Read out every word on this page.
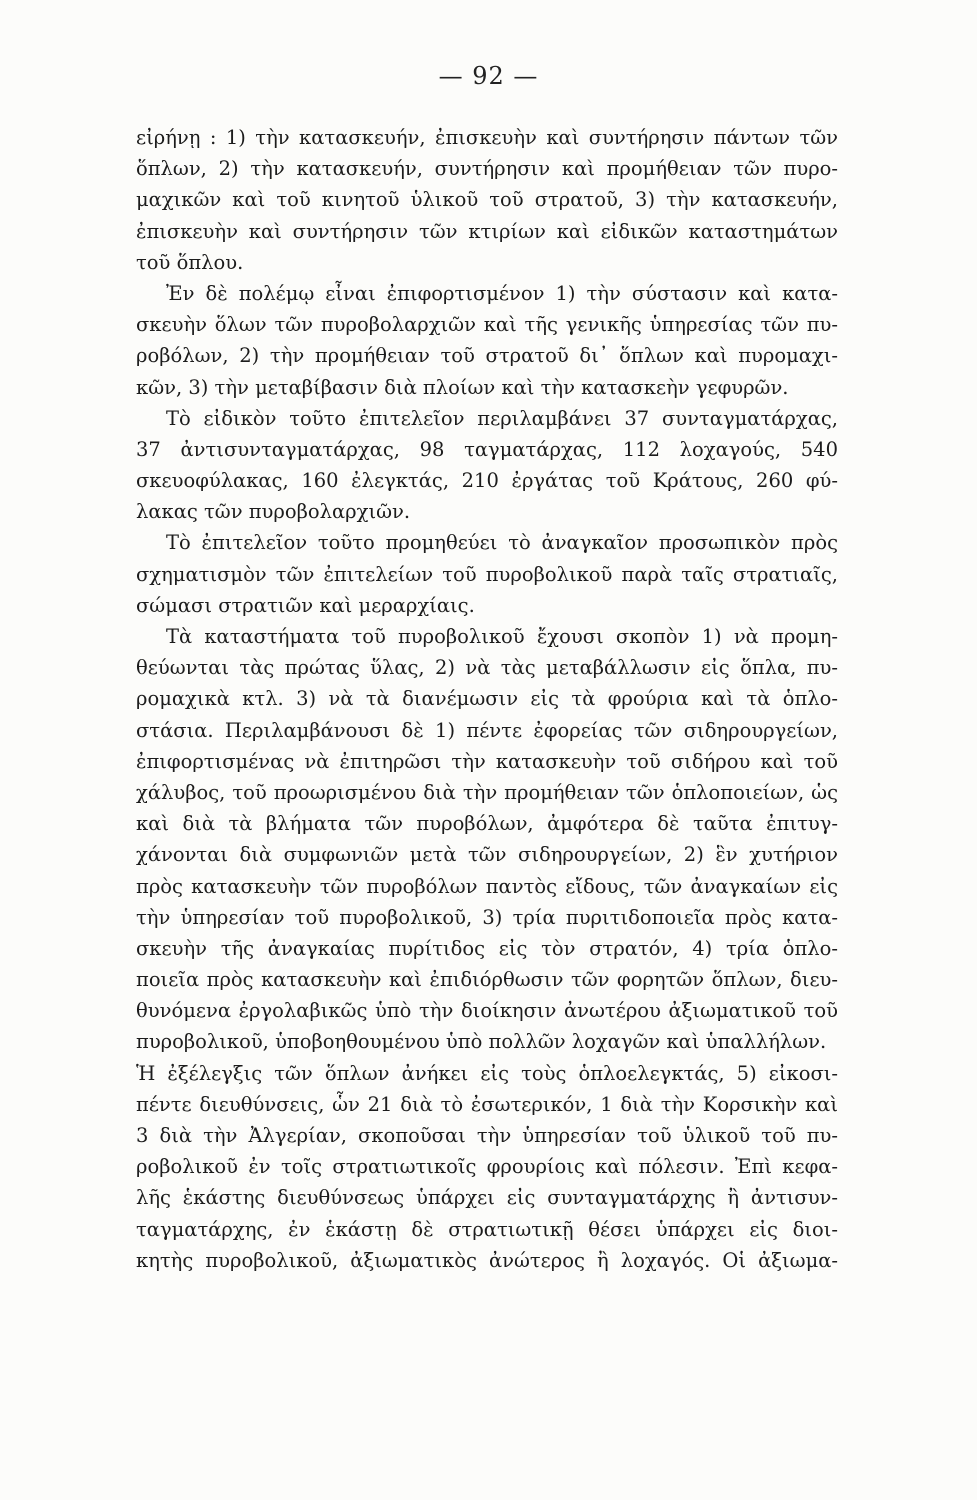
— 92 —
εἰρήνῃ : 1) τὴν κατασκευήν, ἐπισκευὴν καὶ συντήρησιν πάντων τῶν
ὅπλων, 2) τὴν κατασκευήν, συντήρησιν καὶ προμήθειαν τῶν πυρο-
μαχικῶν καὶ τοῦ κινητοῦ ὑλικοῦ τοῦ στρατοῦ, 3) τὴν κατασκευήν,
ἐπισκευὴν καὶ συντήρησιν τῶν κτιρίων καὶ εἰδικῶν καταστημάτων
τοῦ ὅπλου.
Ἐν δὲ πολέμῳ εἶναι ἐπιφορτισμένον 1) τὴν σύστασιν καὶ κατα-
σκευὴν ὅλων τῶν πυροβολαρχιῶν καὶ τῆς γενικῆς ὑπηρεσίας τῶν πυ-
ροβόλων, 2) τὴν προμήθειαν τοῦ στρατοῦ δι᾽ ὅπλων καὶ πυρομαχι-
κῶν, 3) τὴν μεταβίβασιν διὰ πλοίων καὶ τὴν κατασκεὴν γεφυρῶν.
Τὸ εἰδικὸν τοῦτο ἐπιτελεῖον περιλαμβάνει 37 συνταγματάρχας,
37 ἀντισυνταγματάρχας, 98 ταγματάρχας, 112 λοχαγούς, 540
σκευοφύλακας, 160 ἐλεγκτάς, 210 ἐργάτας τοῦ Κράτους, 260 φύ-
λακας τῶν πυροβολαρχιῶν.
Τὸ ἐπιτελεῖον τοῦτο προμηθεύει τὸ ἀναγκαῖον προσωπικὸν πρὸς
σχηματισμὸν τῶν ἐπιτελείων τοῦ πυροβολικοῦ παρὰ ταῖς στρατιαῖς,
σώμασι στρατιῶν καὶ μεραρχίαις.
Τὰ καταστήματα τοῦ πυροβολικοῦ ἔχουσι σκοπὸν 1) νὰ προμη-
θεύωνται τὰς πρώτας ὕλας, 2) νὰ τὰς μεταβάλλωσιν εἰς ὅπλα, πυ-
ρομαχικὰ κτλ. 3) νὰ τὰ διανέμωσιν εἰς τὰ φρούρια καὶ τὰ ὁπλο-
στάσια. Περιλαμβάνουσι δὲ 1) πέντε ἐφορείας τῶν σιδηρουργείων,
ἐπιφορτισμένας νὰ ἐπιτηρῶσι τὴν κατασκευὴν τοῦ σιδήρου καὶ τοῦ
χάλυβος, τοῦ προωρισμένου διὰ τὴν προμήθειαν τῶν ὁπλοποιείων, ὡς
καὶ διὰ τὰ βλήματα τῶν πυροβόλων, ἀμφότερα δὲ ταῦτα ἐπιτυγ-
χάνονται διὰ συμφωνιῶν μετὰ τῶν σιδηρουργείων, 2) ἓν χυτήριον
πρὸς κατασκευὴν τῶν πυροβόλων παντὸς εἴδους, τῶν ἀναγκαίων εἰς
τὴν ὑπηρεσίαν τοῦ πυροβολικοῦ, 3) τρία πυριτιδοποιεῖα πρὸς κατα-
σκευὴν τῆς ἀναγκαίας πυρίτιδος εἰς τὸν στρατόν, 4) τρία ὁπλο-
ποιεῖα πρὸς κατασκευὴν καὶ ἐπιδιόρθωσιν τῶν φορητῶν ὅπλων, διευ-
θυνόμενα ἐργολαβικῶς ὑπὸ τὴν διοίκησιν ἀνωτέρου ἀξιωματικοῦ τοῦ
πυροβολικοῦ, ὑποβοηθουμένου ὑπὸ πολλῶν λοχαγῶν καὶ ὑπαλλήλων.
Ἡ ἐξέλεγξις τῶν ὅπλων ἀνήκει εἰς τοὺς ὁπλοελεγκτάς, 5) εἰκοσι-
πέντε διευθύνσεις, ὧν 21 διὰ τὸ ἐσωτερικόν, 1 διὰ τὴν Κορσικὴν καὶ
3 διὰ τὴν Ἀλγερίαν, σκοποῦσαι τὴν ὑπηρεσίαν τοῦ ὑλικοῦ τοῦ πυ-
ροβολικοῦ ἐν τοῖς στρατιωτικοῖς φρουρίοις καὶ πόλεσιν. Ἐπὶ κεφα-
λῆς ἑκάστης διευθύνσεως ὑπάρχει εἰς συνταγματάρχης ἢ ἀντισυν-
ταγματάρχης, ἐν ἑκάστῃ δὲ στρατιωτικῇ θέσει ὑπάρχει εἰς διοι-
κητὴς πυροβολικοῦ, ἀξιωματικὸς ἀνώτερος ἢ λοχαγός. Οἱ ἀξιωμα-
